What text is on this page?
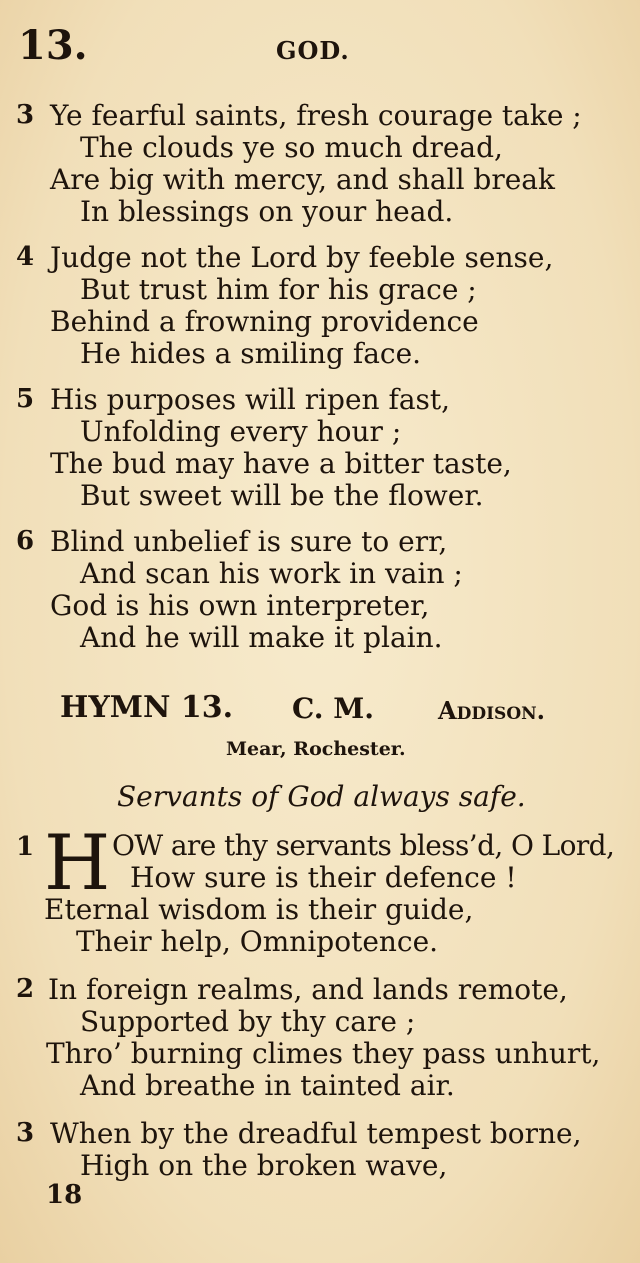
13.	GOD.
3 Ye fearful saints, fresh courage take ;
The clouds ye so much dread,
Are big with mercy, and shall break
In blessings on your head.
4 Judge not the Lord by feeble sense,
But trust him for his grace ;
Behind a frowning providence
He hides a smiling face.
5 His purposes will ripen fast,
Unfolding every hour ;
The bud may have a bitter taste,
But sweet will be the flower.
6 Blind unbelief is sure to err,
And scan his work in vain ;
God is his own interpreter,
And he will make it plain.
HYMN 13. C. M.	Addison.
Mear, Rochester.
Servants of God always safe.
1 H OW are thy servants bless’d, O Lord,
How sure is their defence !
Eternal wisdom is their guide,
Their help, Omnipotence.
2 In foreign realms, and lands remote,
Supported by thy care ;
Thro’ burning climes they pass unhurt,
And breathe in tainted air.
3 When by the dreadful tempest borne,
High on the broken wave,
18
